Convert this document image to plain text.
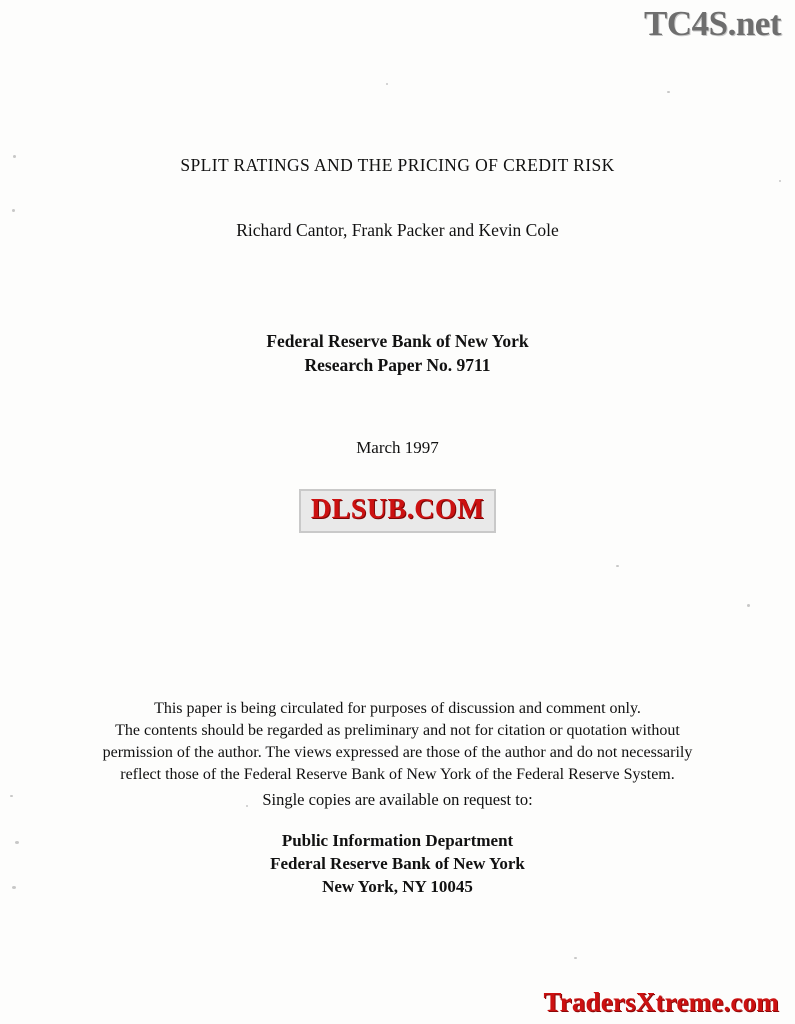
TC4S.net
SPLIT RATINGS AND THE PRICING OF CREDIT RISK
Richard Cantor, Frank Packer and Kevin Cole
Federal Reserve Bank of New York
Research Paper No. 9711
March 1997
DLSUB.COM
This paper is being circulated for purposes of discussion and comment only.
The contents should be regarded as preliminary and not for citation or quotation without
permission of the author. The views expressed are those of the author and do not necessarily
reflect those of the Federal Reserve Bank of New York of the Federal Reserve System.
Single copies are available on request to:
Public Information Department
Federal Reserve Bank of New York
New York, NY 10045
TradersXtreme.com
